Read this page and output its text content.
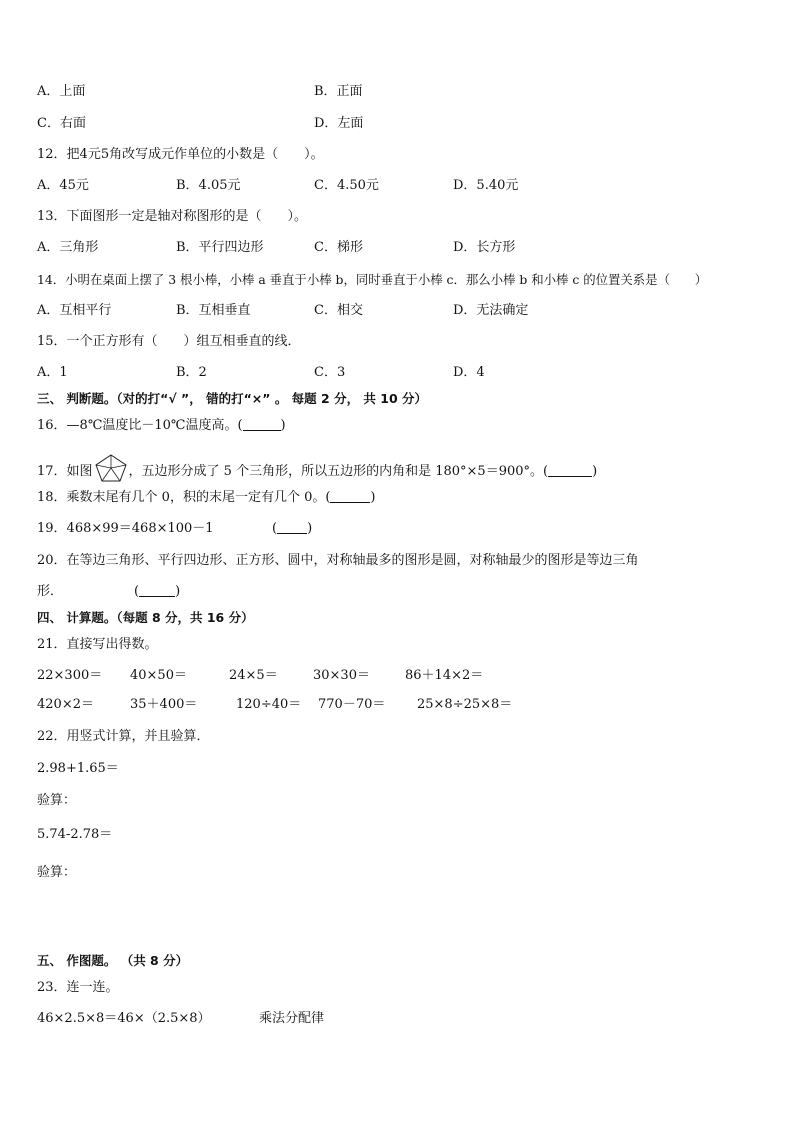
A．上面	B．正面
C．右面	D．左面
12．把4元5角改写成元作单位的小数是（　　）。
A．45元	B．4.05元	C．4.50元	D．5.40元
13．下面图形一定是轴对称图形的是（　　）。
A．三角形	B．平行四边形	C．梯形	D．长方形
14．小明在桌面上摆了 3 根小棒，小棒 a 垂直于小棒 b，同时垂直于小棒 c．那么小棒 b 和小棒 c 的位置关系是（　　）
A．互相平行	B．互相垂直	C．相交	D．无法确定
15．一个正方形有（　　）组互相垂直的线．
A．1	B．2	C．3	D．4
三、 判断题。（对的打“√ ”， 错的打“×” 。 每题 2 分， 共 10 分）
16．—8℃温度比－10℃温度高。(	)
17．如图	，五边形分成了 5 个三角形，所以五边形的内角和是 180°×5＝900°。(	)
18．乘数末尾有几个 0，积的末尾一定有几个 0。(	)
19．468×99＝468×100－1	( )
20．在等边三角形、平行四边形、正方形、圆中，对称轴最多的图形是圆，对称轴最少的图形是等边三角
形．	(	)
四、 计算题。（每题 8 分，共 16 分）
21．直接写出得数。
22×300＝ 40×50＝	24×5＝	30×30＝	86＋14×2＝
420×2＝	35＋400＝	120÷40＝ 770－70＝ 25×8÷25×8＝
22．用竖式计算，并且验算．
2.98+1.65＝
验算：
5.74-2.78＝
验算：
五、 作图题。 （共 8 分）
23．连一连。
46×2.5×8＝46×（2.5×8）	乘法分配律
